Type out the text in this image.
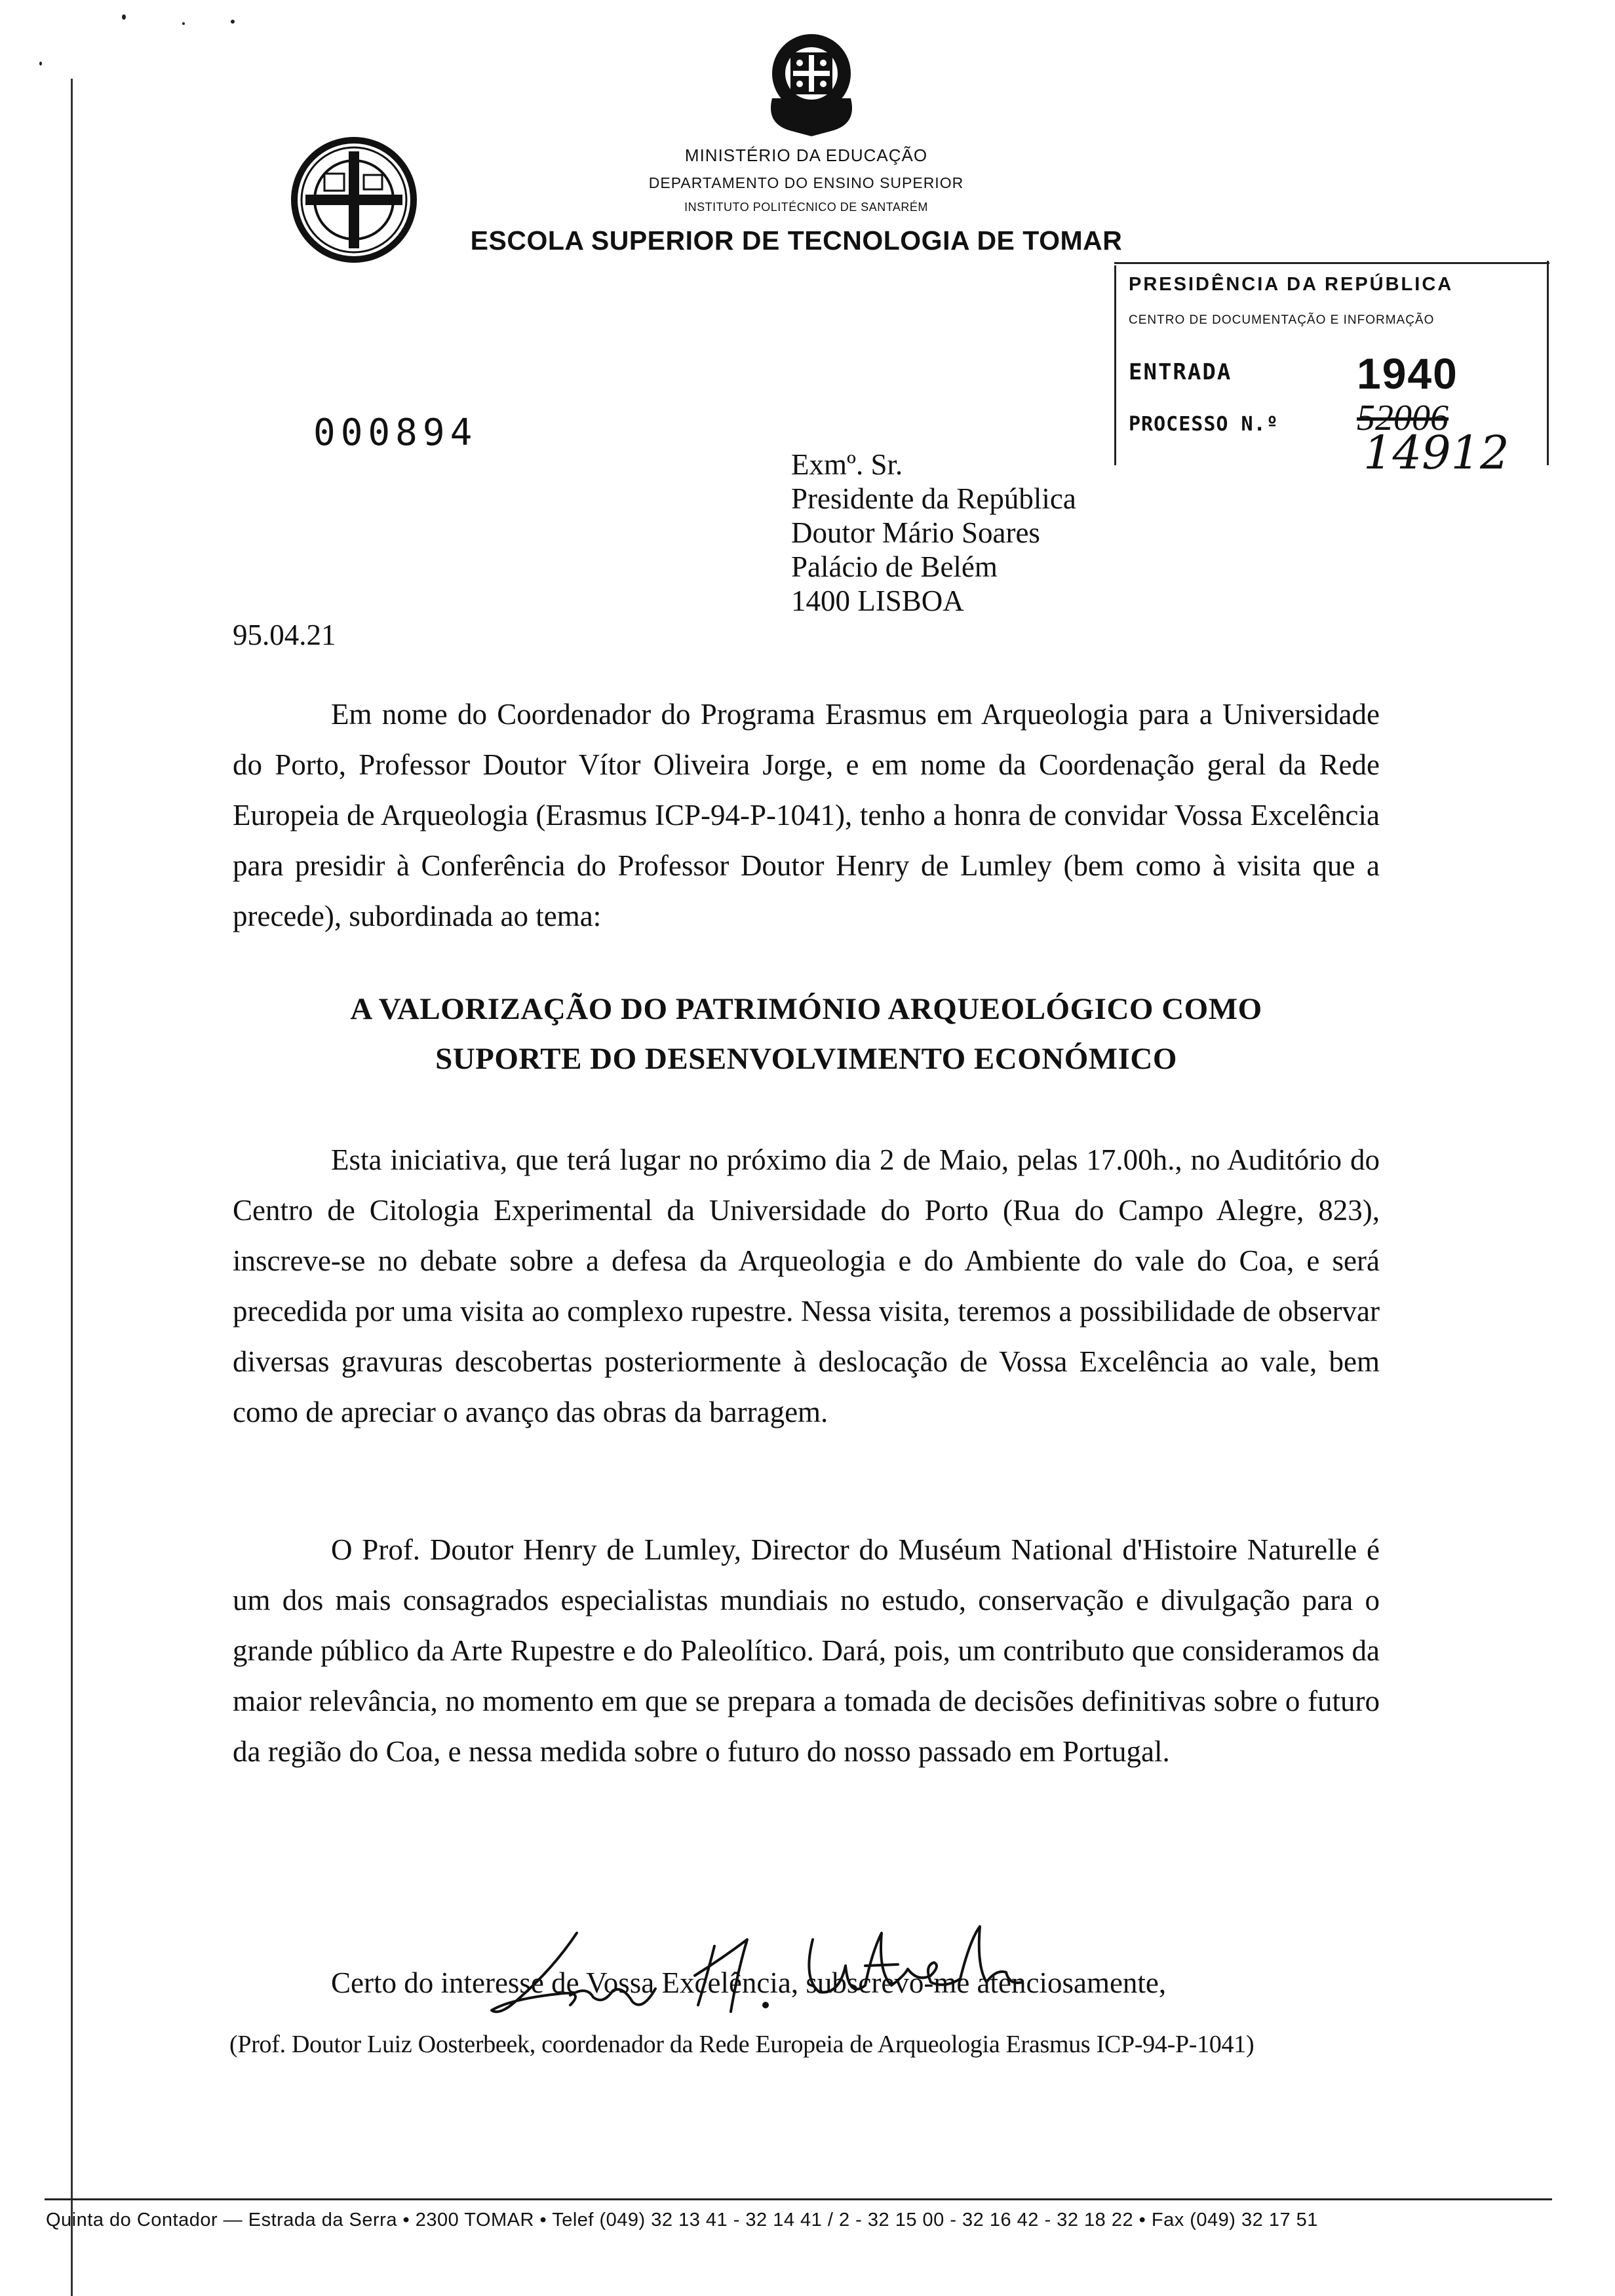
MINISTÉRIO DA EDUCAÇÃO
DEPARTAMENTO DO ENSINO SUPERIOR
INSTITUTO POLITÉCNICO DE SANTARÉM
ESCOLA SUPERIOR DE TECNOLOGIA DE TOMAR
PRESIDÊNCIA DA REPÚBLICA
CENTRO DE DOCUMENTAÇÃO E INFORMAÇÃO
ENTRADA
PROCESSO N.º
1940
52006
14912
000894
Exmº. Sr.
Presidente da República
Doutor Mário Soares
Palácio de Belém
1400 LISBOA
95.04.21
Em nome do Coordenador do Programa Erasmus em Arqueologia para a Universidade do Porto, Professor Doutor Vítor Oliveira Jorge, e em nome da Coordenação geral da Rede Europeia de Arqueologia (Erasmus ICP-94-P-1041), tenho a honra de convidar Vossa Excelência para presidir à Conferência do Professor Doutor Henry de Lumley (bem como à visita que a precede), subordinada ao tema:
A VALORIZAÇÃO DO PATRIMÓNIO ARQUEOLÓGICO COMO
SUPORTE DO DESENVOLVIMENTO ECONÓMICO
Esta iniciativa, que terá lugar no próximo dia 2 de Maio, pelas 17.00h., no Auditório do Centro de Citologia Experimental da Universidade do Porto (Rua do Campo Alegre, 823), inscreve-se no debate sobre a defesa da Arqueologia e do Ambiente do vale do Coa, e será precedida por uma visita ao complexo rupestre. Nessa visita, teremos a possibilidade de observar diversas gravuras descobertas posteriormente à deslocação de Vossa Excelência ao vale, bem como de apreciar o avanço das obras da barragem.
O Prof. Doutor Henry de Lumley, Director do Muséum National d'Histoire Naturelle é um dos mais consagrados especialistas mundiais no estudo, conservação e divulgação para o grande público da Arte Rupestre e do Paleolítico. Dará, pois, um contributo que consideramos da maior relevância, no momento em que se prepara a tomada de decisões definitivas sobre o futuro da região do Coa, e nessa medida sobre o futuro do nosso passado em Portugal.
Certo do interesse de Vossa Excelência, subscrevo-me atenciosamente,
(Prof. Doutor Luiz Oosterbeek, coordenador da Rede Europeia de Arqueologia Erasmus ICP-94-P-1041)
Quinta do Contador — Estrada da Serra • 2300 TOMAR • Telef (049) 32 13 41 - 32 14 41 / 2 - 32 15 00 - 32 16 42 - 32 18 22 • Fax (049) 32 17 51
